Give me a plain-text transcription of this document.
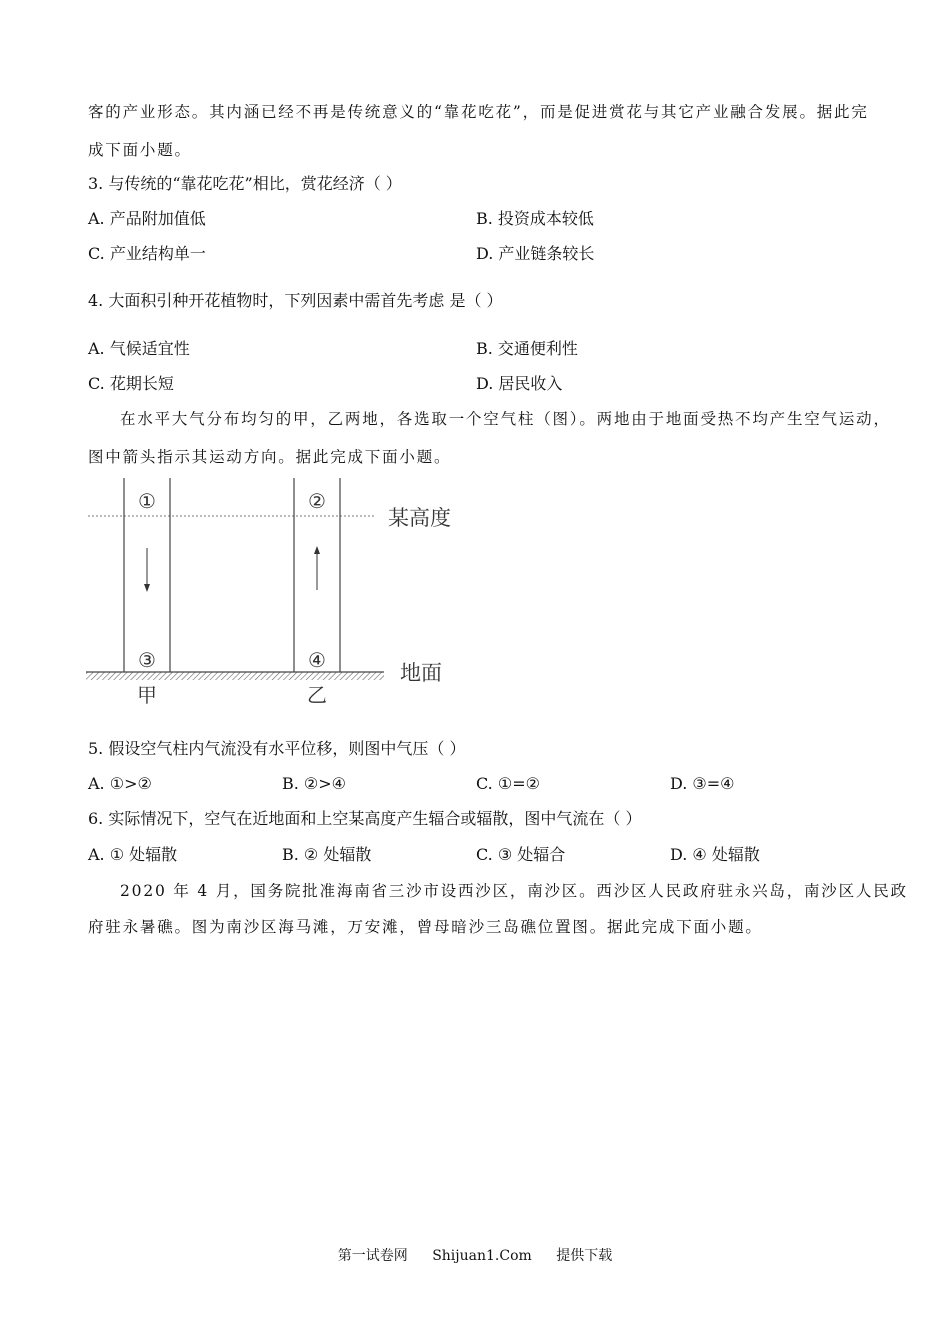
客的产业形态。其内涵已经不再是传统意义的“靠花吃花”，而是促进赏花与其它产业融合发展。据此完
成下面小题。
3. 与传统的“靠花吃花”相比，赏花经济（ ）
A. 产品附加值低	B. 投资成本较低
C. 产业结构单一	D. 产业链条较长
4. 大面积引种开花植物时，下列因素中需首先考虑 是（ ）
A. 气候适宜性	B. 交通便利性
C. 花期长短	D. 居民收入
在水平大气分布均匀的甲，乙两地，各选取一个空气柱（图）。两地由于地面受热不均产生空气运动，
图中箭头指示其运动方向。据此完成下面小题。
①	②
③	④
某高度
地面
甲	乙
5. 假设空气柱内气流没有水平位移，则图中气压（ ）
A. ①>②	B. ②>④	C. ①=②	D. ③=④
6. 实际情况下，空气在近地面和上空某高度产生辐合或辐散，图中气流在（ ）
A. ① 处辐散	B. ② 处辐散	C. ③ 处辐合	D. ④ 处辐散
2020 年 4 月，国务院批准海南省三沙市设西沙区，南沙区。西沙区人民政府驻永兴岛，南沙区人民政
府驻永暑礁。图为南沙区海马滩，万安滩，曾母暗沙三岛礁位置图。据此完成下面小题。
第一试卷网 Shijuan1.Com 提供下载
